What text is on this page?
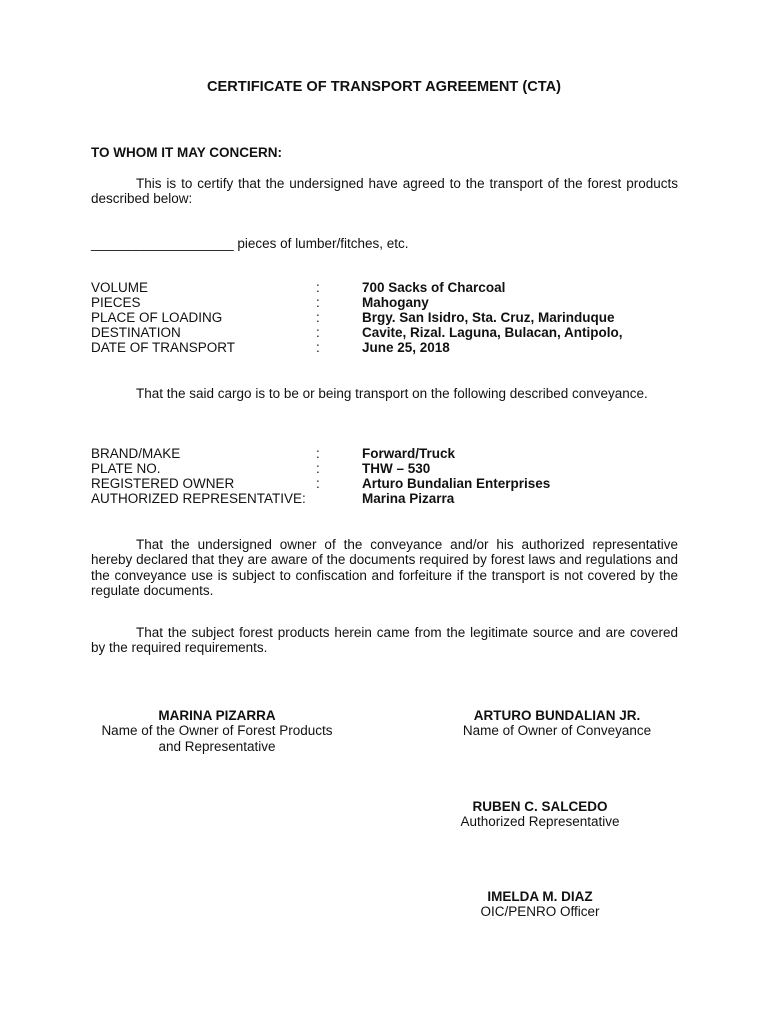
CERTIFICATE OF TRANSPORT AGREEMENT (CTA)
TO WHOM IT MAY CONCERN:
This is to certify that the undersigned have agreed to the transport of the forest products described below:
___________________ pieces of lumber/fitches, etc.
VOLUME	:	700 Sacks of Charcoal
PIECES	:	Mahogany
PLACE OF LOADING	:	Brgy. San Isidro, Sta. Cruz, Marinduque
DESTINATION	:	Cavite, Rizal. Laguna, Bulacan, Antipolo,
DATE OF TRANSPORT	:	June 25, 2018
That the said cargo is to be or being transport on the following described conveyance.
BRAND/MAKE	:	Forward/Truck
PLATE NO.	:	THW – 530
REGISTERED OWNER	:	Arturo Bundalian Enterprises
AUTHORIZED REPRESENTATIVE:	Marina Pizarra
That the undersigned owner of the conveyance and/or his authorized representative hereby declared that they are aware of the documents required by forest laws and regulations and the conveyance use is subject to confiscation and forfeiture if the transport is not covered by the regulate documents.
That the subject forest products herein came from the legitimate source and are covered by the required requirements.
MARINA PIZARRA
Name of the Owner of Forest Products
and Representative
ARTURO BUNDALIAN JR.
Name of Owner of Conveyance
RUBEN C. SALCEDO
Authorized Representative
IMELDA M. DIAZ
OIC/PENRO Officer
